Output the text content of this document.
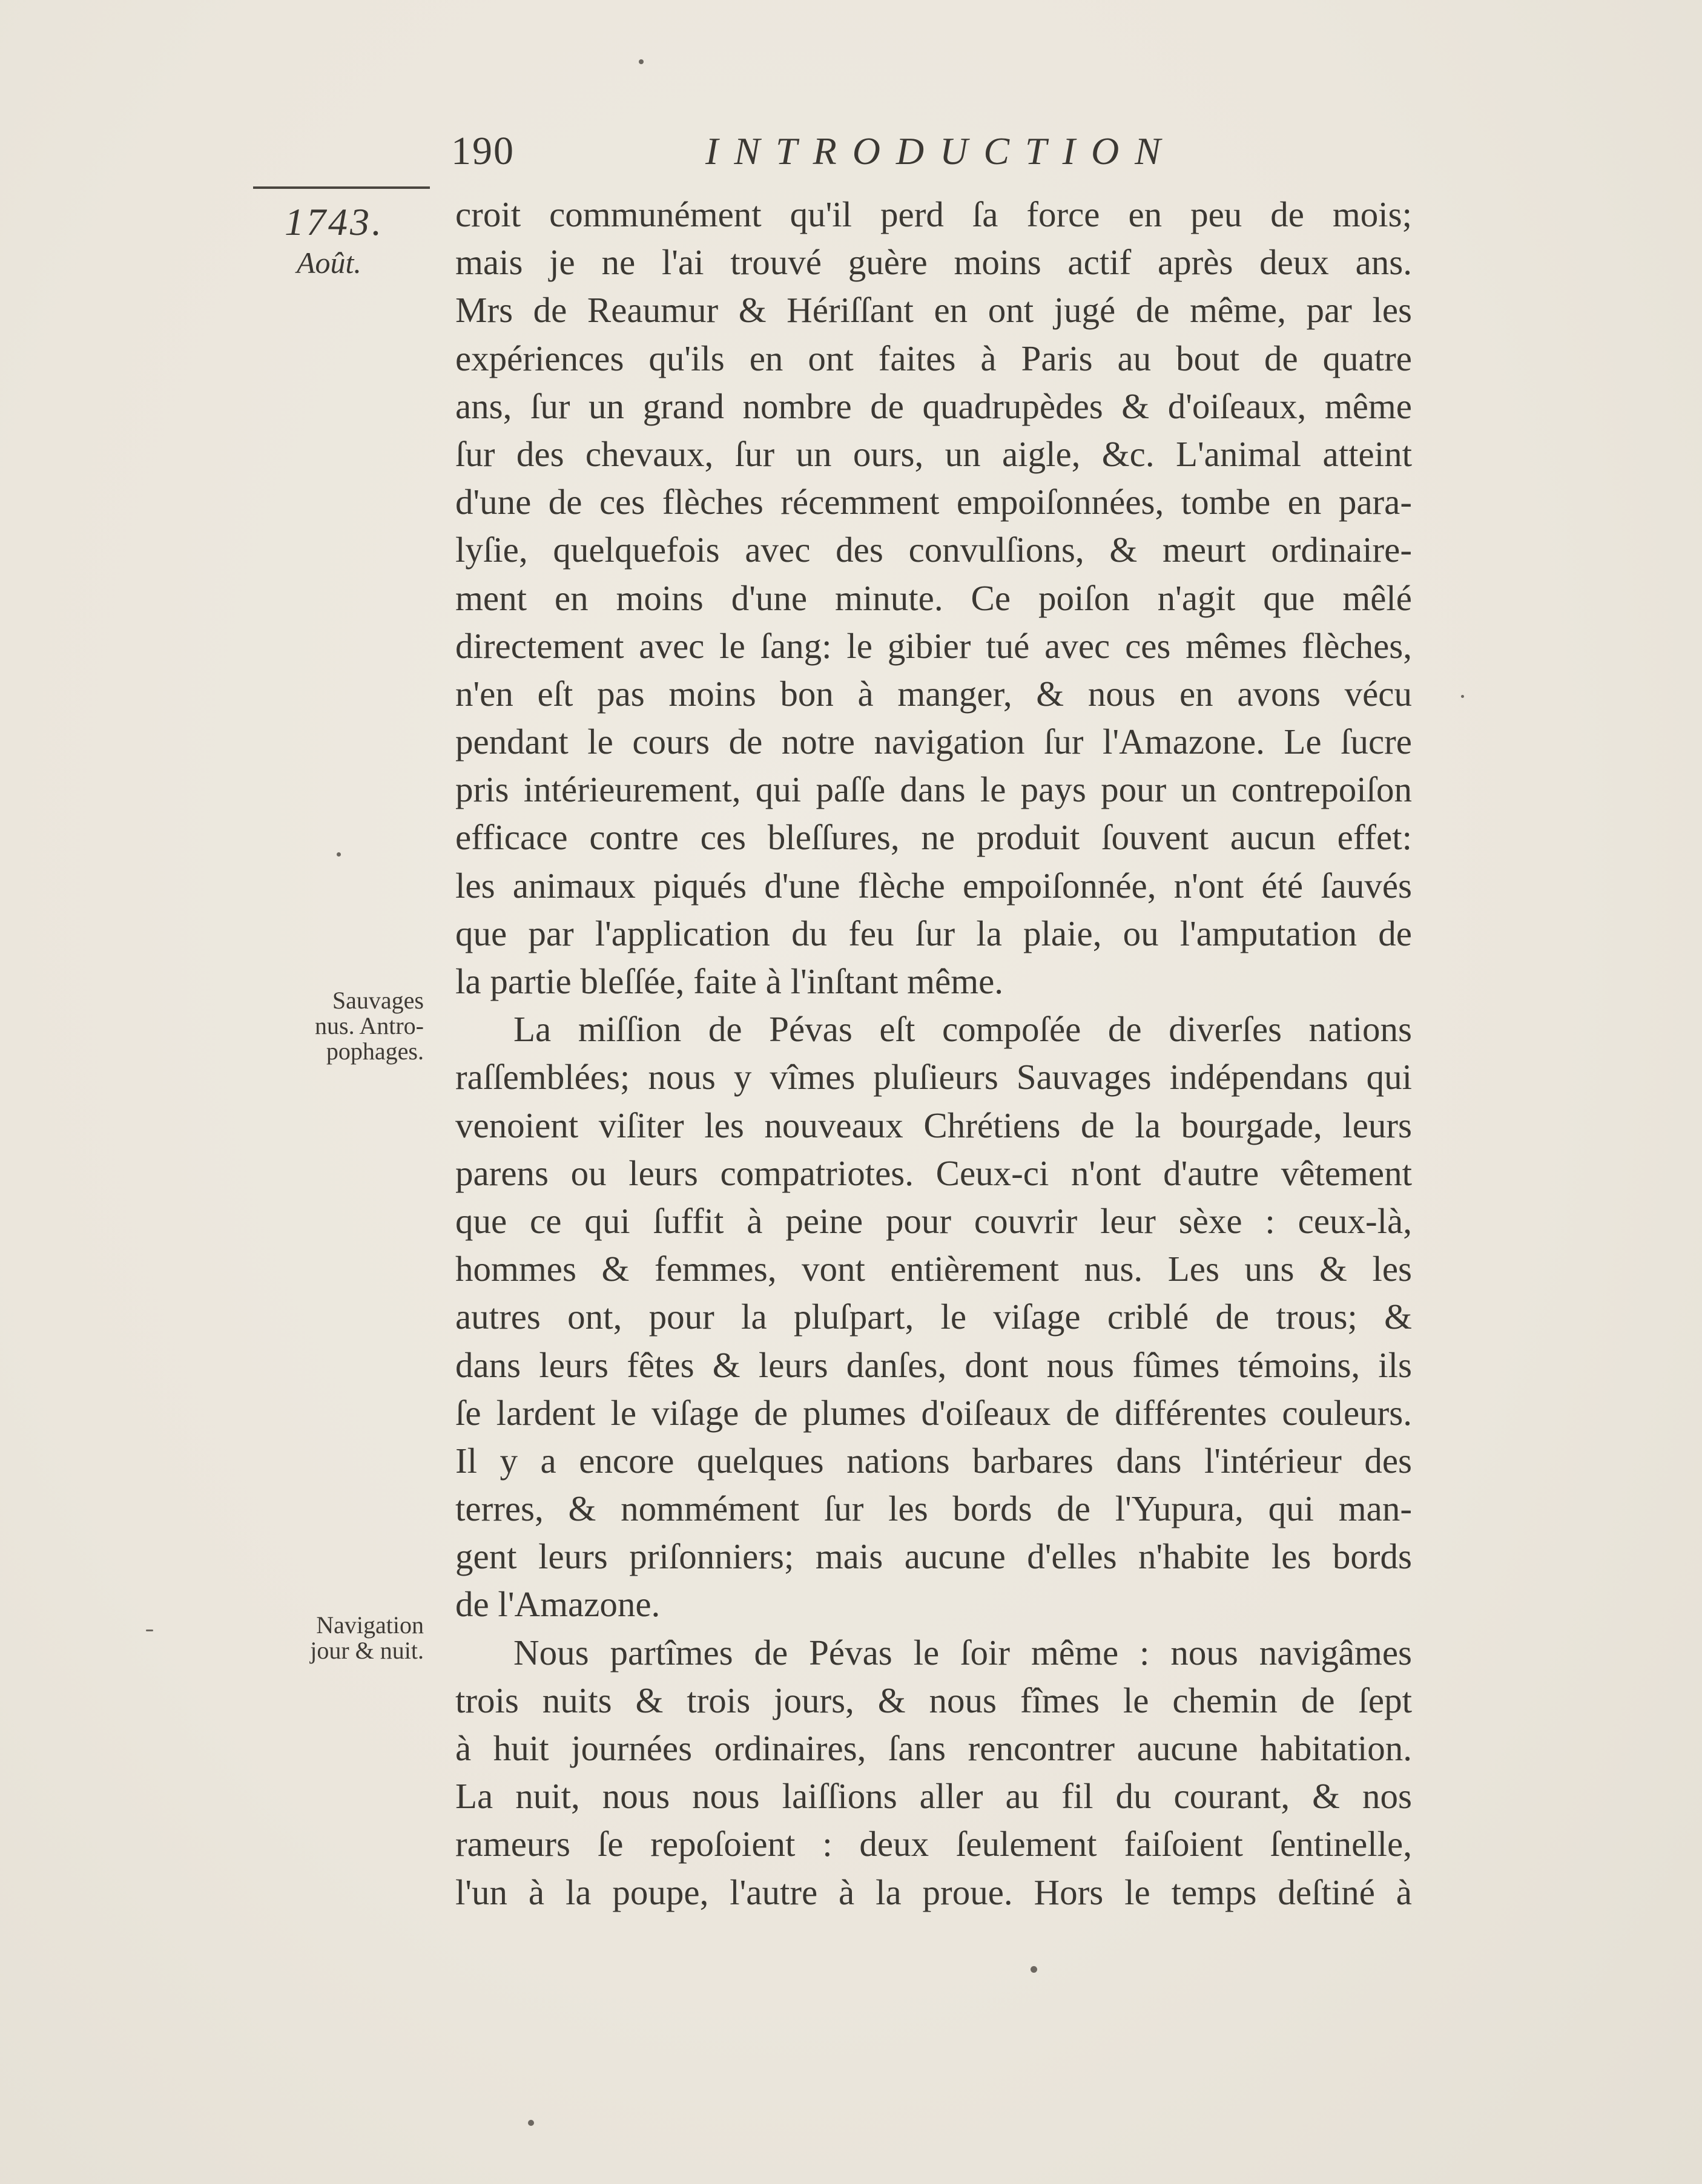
190	INTRODUCTION
1743.
Août.
Sauvages
nus. Antro-
pophages.
Navigation
jour & nuit.
croit communément qu'il perd ſa force en peu de mois;
mais je ne l'ai trouvé guère moins actif après deux ans.
Mrs de Reaumur & Hériſſant en ont jugé de même, par les
expériences qu'ils en ont faites à Paris au bout de quatre
ans, ſur un grand nombre de quadrupèdes & d'oiſeaux, même
ſur des chevaux, ſur un ours, un aigle, &c. L'animal atteint
d'une de ces flèches récemment empoiſonnées, tombe en para-
lyſie, quelquefois avec des convulſions, & meurt ordinaire-
ment en moins d'une minute. Ce poiſon n'agit que mêlé
directement avec le ſang: le gibier tué avec ces mêmes flèches,
n'en eſt pas moins bon à manger, & nous en avons vécu
pendant le cours de notre navigation ſur l'Amazone. Le ſucre
pris intérieurement, qui paſſe dans le pays pour un contrepoiſon
efficace contre ces bleſſures, ne produit ſouvent aucun effet:
les animaux piqués d'une flèche empoiſonnée, n'ont été ſauvés
que par l'application du feu ſur la plaie, ou l'amputation de
la partie bleſſée, faite à l'inſtant même.
La miſſion de Pévas eſt compoſée de diverſes nations
raſſemblées; nous y vîmes pluſieurs Sauvages indépendans qui
venoient viſiter les nouveaux Chrétiens de la bourgade, leurs
parens ou leurs compatriotes. Ceux-ci n'ont d'autre vêtement
que ce qui ſuffit à peine pour couvrir leur sèxe : ceux-là,
hommes & femmes, vont entièrement nus. Les uns & les
autres ont, pour la pluſpart, le viſage criblé de trous; &
dans leurs fêtes & leurs danſes, dont nous fûmes témoins, ils
ſe lardent le viſage de plumes d'oiſeaux de différentes couleurs.
Il y a encore quelques nations barbares dans l'intérieur des
terres, & nommément ſur les bords de l'Yupura, qui man-
gent leurs priſonniers; mais aucune d'elles n'habite les bords
de l'Amazone.
Nous partîmes de Pévas le ſoir même : nous navigâmes
trois nuits & trois jours, & nous fîmes le chemin de ſept
à huit journées ordinaires, ſans rencontrer aucune habitation.
La nuit, nous nous laiſſions aller au fil du courant, & nos
rameurs ſe repoſoient : deux ſeulement faiſoient ſentinelle,
l'un à la poupe, l'autre à la proue. Hors le temps deſtiné à
